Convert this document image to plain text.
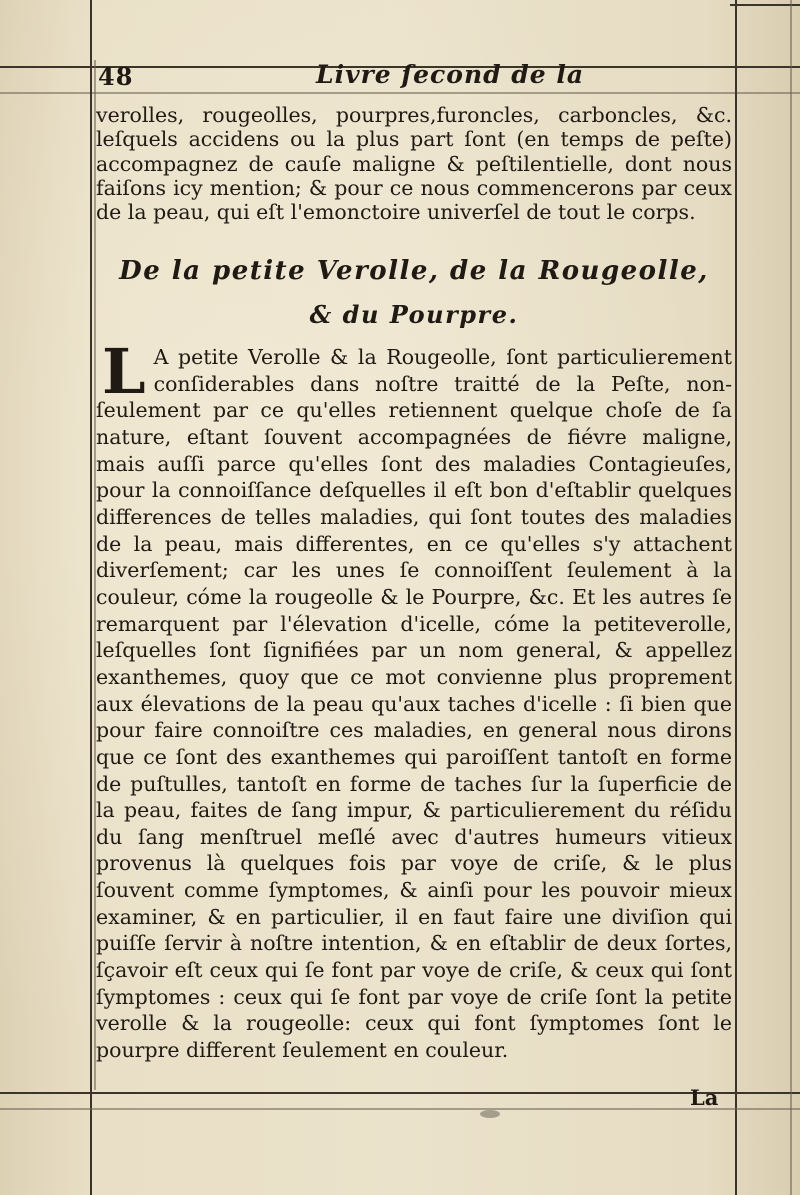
48	Livre ſecond de la

verolles, rougeolles, pourpres,furoncles, carboncles, &c. leſquels accidens ou la plus part ſont (en temps de peſte) accompagnez de cauſe maligne & peſtilentielle, dont nous faiſons icy mention; & pour ce nous commencerons par ceux de la peau, qui eſt l'emonctoire univerſel de tout le corps.

De la petite Verolle, de la Rougeolle,
& du Pourpre.
L A petite Verolle & la Rougeolle, ſont particulierement conſiderables dans noſtre traitté de la Peſte, non-ſeulement par ce qu'elles retiennent quelque choſe de ſa nature, eſtant ſouvent accompagnées de fiévre maligne, mais auſſi parce qu'elles ſont des maladies Contagieuſes, pour la connoiſſance deſquelles il eſt bon d'eſtablir quelques differences de telles maladies, qui ſont toutes des maladies de la peau, mais differentes, en ce qu'elles s'y attachent diverſement; car les unes ſe connoiſſent ſeulement à la couleur, cóme la rougeolle & le Pourpre, &c. Et les autres ſe remarquent par l'élevation d'icelle, cóme la petiteverolle, leſquelles ſont ſignifiées par un nom general, & appellez exanthemes, quoy que ce mot convienne plus proprement aux élevations de la peau qu'aux taches d'icelle : ſi bien que pour faire connoiſtre ces maladies, en general nous dirons que ce ſont des exanthemes qui paroiſſent tantoſt en forme de puſtulles, tantoſt en forme de taches ſur la ſuperficie de la peau, faites de ſang impur, & particulierement du réſidu du ſang menſtruel meſlé avec d'autres humeurs vitieux provenus là quelques fois par voye de criſe, & le plus ſouvent comme ſymptomes, & ainſi pour les pouvoir mieux examiner, & en particulier, il en faut faire une diviſion qui puiſſe ſervir à noſtre intention, & en eſtablir de deux ſortes, ſçavoir eſt ceux qui ſe font par voye de criſe, & ceux qui ſont ſymptomes : ceux qui ſe font par voye de criſe ſont la petite verolle & la rougeolle: ceux qui font ſymptomes ſont le pourpre different ſeulement en couleur.
La
